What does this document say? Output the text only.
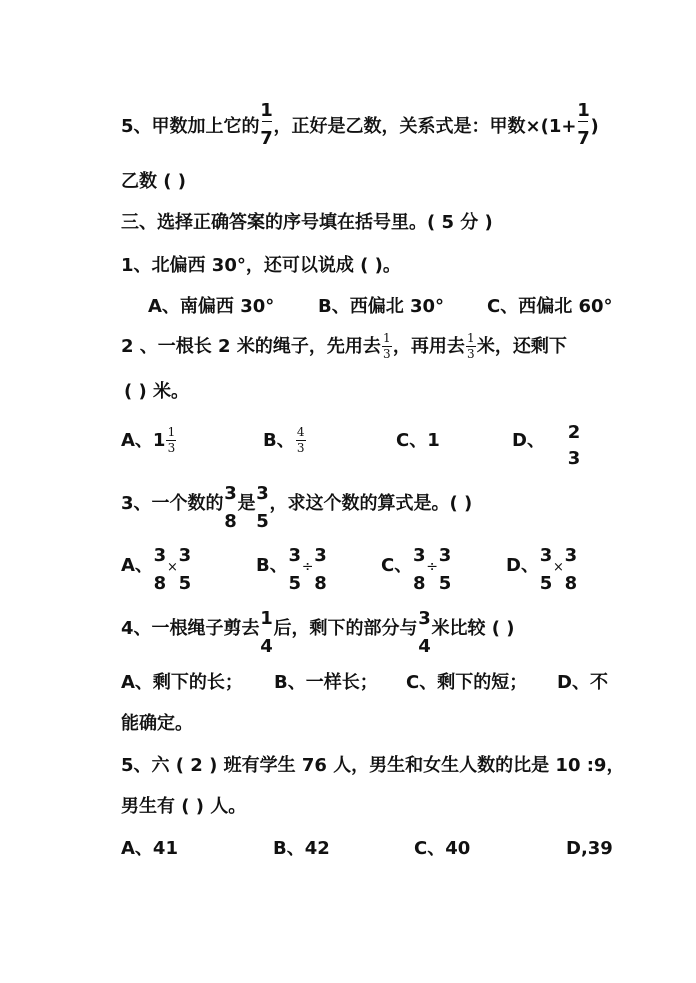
5、甲数加上它的
1
7
，正好是乙数，关系式是：甲数×(1+
1
7
)
乙数 ( )
三、选择正确答案的序号填在括号里。( 5 分 )
1、北偏西 30°，还可以说成 ( )。
A、南偏西 30° B、西偏北 30° C、西偏北 60°
2 、一根长 2 米的绳子，先用去 1
3 ，再用去 1
3 米，还剩下
( ) 米。
A、1 1
3	B、 4
3	C、1	D、 2
3
3、一个数的 3
8
是 3
5
，求这个数的算式是。( )
A、 3
8
×
3
5
B、 3
5
÷
3
8
C、 3
8
÷
3
5
D、 3
5
×
3
8
4、一根绳子剪去 1
4
后，剩下的部分与 3
4
米比较 ( )
A、剩下的长； B、一样长； C、剩下的短； D、不
能确定。
5、六 ( 2 ) 班有学生 76 人，男生和女生人数的比是 10 :9，
男生有 ( ) 人。
A、41	B、42	C、40	D,39
